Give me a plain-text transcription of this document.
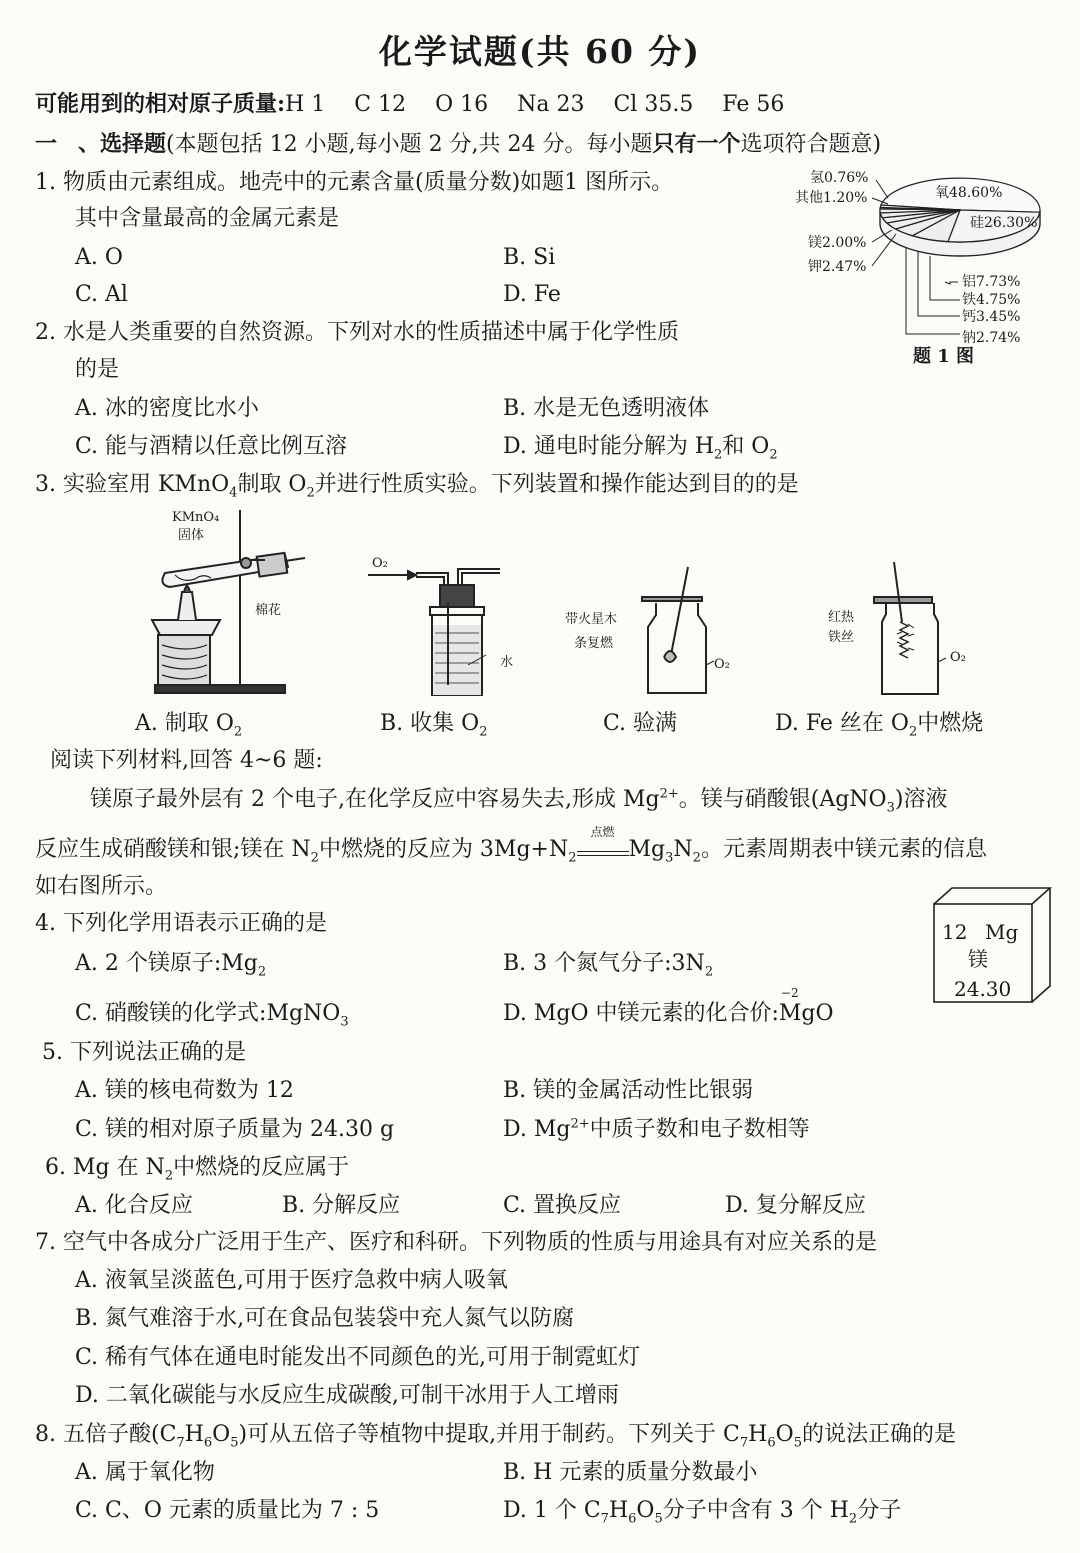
化学试题(共 60 分)
可能用到的相对原子质量:H 1　 C 12　 O 16　 Na 23　 Cl 35.5　 Fe 56
一 、选择题(本题包括 12 小题,每小题 2 分,共 24 分。每小题只有一个选项符合题意)
1. 物质由元素组成。地壳中的元素含量(质量分数)如题1 图所示。
其中含量最高的金属元素是
A. O	B. Si
C. Al	D. Fe
氢0.76%
其他1.20%	氧48.60%
硅26.30%
镁2.00%
钾2.47%
铝7.73%
铁4.75%
钙3.45%
钠2.74%
题 1 图
2. 水是人类重要的自然资源。下列对水的性质描述中属于化学性质
的是
A. 冰的密度比水小	B. 水是无色透明液体
C. 能与酒精以任意比例互溶	D. 通电时能分解为 $H_2$和 $O_2$
3. 实验室用 KMnO$_4$制取 $O_2$并进行性质实验。下列装置和操作能达到目的的是
KMnO₄
固体
棉花
O₂
水
带火星木
条复燃
O₂
红热
铁丝
O₂
A. 制取 $O_2$	B. 收集 $O_2$	C. 验满	D. Fe 丝在 $O_2$中燃烧
阅读下列材料,回答 4~6 题:
镁原子最外层有 2 个电子,在化学反应中容易失去,形成 $Mg^{2+}$。镁与硝酸银(AgNO$_3$)溶液
反应生成硝酸镁和银;镁在 $N_2$中燃烧的反应为 $3Mg+N_2$
点燃
$Mg_3N_2$。元素周期表中镁元素的信息
如右图所示。
12 Mg
镁
24.30
4. 下列化学用语表示正确的是
A. 2 个镁原子$:Mg_2$	B. 3 个氮气分子$:3N_2$
C. 硝酸镁的化学式:MgNO$_3$	D. MgO 中镁元素的化合价:
−2
MgO
5. 下列说法正确的是
A. 镁的核电荷数为 12	B. 镁的金属活动性比银弱
C. 镁的相对原子质量为 24.30 g	D. $Mg^{2+}$中质子数和电子数相等
6. Mg 在 $N_2$中燃烧的反应属于
A. 化合反应	B. 分解反应	C. 置换反应	D. 复分解反应
7. 空气中各成分广泛用于生产、医疗和科研。下列物质的性质与用途具有对应关系的是
A. 液氧呈淡蓝色,可用于医疗急救中病人吸氧
B. 氮气难溶于水,可在食品包装袋中充人氮气以防腐
C. 稀有气体在通电时能发出不同颜色的光,可用于制霓虹灯
D. 二氧化碳能与水反应生成碳酸,可制干冰用于人工增雨
8. 五倍子酸$(C_7H_6O_5)$可从五倍子等植物中提取,并用于制药。下列关于 $C_7H_6O_5$的说法正确的是
A. 属于氧化物	B. H 元素的质量分数最小
C. C、O 元素的质量比为 7 : 5	D. 1 个 $C_7H_6O_5$分子中含有 3 个 $H_2$分子
